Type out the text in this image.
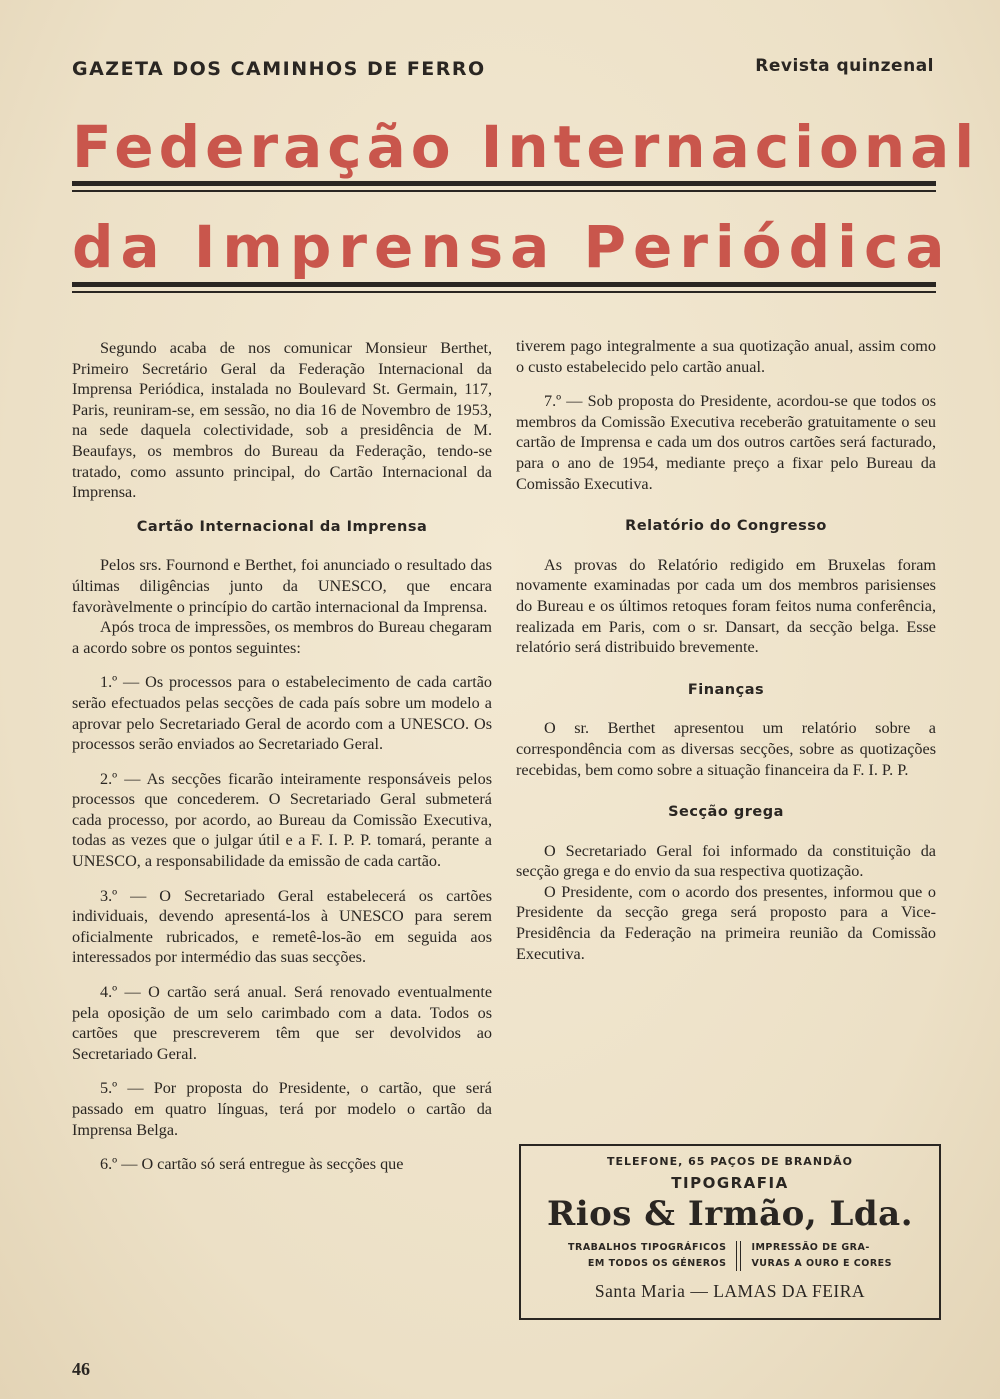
GAZETA DOS CAMINHOS DE FERRO	Revista quinzenal
Federação Internacional
da Imprensa Periódica

Segundo acaba de nos comunicar Monsieur Berthet, Primeiro Secretário Geral da Federação Internacional da Imprensa Periódica, instalada no Boulevard St. Germain, 117, Paris, reuniram-se, em sessão, no dia 16 de Novembro de 1953, na sede daquela colectividade, sob a presidência de M. Beaufays, os membros do Bureau da Federação, tendo-se tratado, como assunto principal, do Cartão Internacional da Imprensa.

Cartão Internacional da Imprensa

Pelos srs. Fournond e Berthet, foi anunciado o resultado das últimas diligências junto da UNESCO, que encara favoràvelmente o princípio do cartão internacional da Imprensa.

Após troca de impressões, os membros do Bureau chegaram a acordo sobre os pontos seguintes:

1.º — Os processos para o estabelecimento de cada cartão serão efectuados pelas secções de cada país sobre um modelo a aprovar pelo Secretariado Geral de acordo com a UNESCO. Os processos serão enviados ao Secretariado Geral.

2.º — As secções ficarão inteiramente responsáveis pelos processos que concederem. O Secretariado Geral submeterá cada processo, por acordo, ao Bureau da Comissão Executiva, todas as vezes que o julgar útil e a F. I. P. P. tomará, perante a UNESCO, a responsabilidade da emissão de cada cartão.

3.º — O Secretariado Geral estabelecerá os cartões individuais, devendo apresentá-los à UNESCO para serem oficialmente rubricados, e remetê-los-ão em seguida aos interessados por intermédio das suas secções.

4.º — O cartão será anual. Será renovado eventualmente pela oposição de um selo carimbado com a data. Todos os cartões que prescreverem têm que ser devolvidos ao Secretariado Geral.

5.º — Por proposta do Presidente, o cartão, que será passado em quatro línguas, terá por modelo o cartão da Imprensa Belga.

6.º — O cartão só será entregue às secções que

tiverem pago integralmente a sua quotização anual, assim como o custo estabelecido pelo cartão anual.

7.º — Sob proposta do Presidente, acordou-se que todos os membros da Comissão Executiva receberão gratuitamente o seu cartão de Imprensa e cada um dos outros cartões será facturado, para o ano de 1954, mediante preço a fixar pelo Bureau da Comissão Executiva.

Relatório do Congresso

As provas do Relatório redigido em Bruxelas foram novamente examinadas por cada um dos membros parisienses do Bureau e os últimos retoques foram feitos numa conferência, realizada em Paris, com o sr. Dansart, da secção belga. Esse relatório será distribuido brevemente.

Finanças

O sr. Berthet apresentou um relatório sobre a correspondência com as diversas secções, sobre as quotizações recebidas, bem como sobre a situação financeira da F. I. P. P.

Secção grega

O Secretariado Geral foi informado da constituição da secção grega e do envio da sua respectiva quotização.

O Presidente, com o acordo dos presentes, informou que o Presidente da secção grega será proposto para a Vice-Presidência da Federação na primeira reunião da Comissão Executiva.

TELEFONE, 65 PAÇOS DE BRANDÃO
TIPOGRAFIA
Rios & Irmão, Lda.
TRABALHOS TIPOGRÁFICOS
EM TODOS OS GÉNEROS
IMPRESSÃO DE GRA-
VURAS A OURO E CORES
Santa Maria — LAMAS DA FEIRA
46
